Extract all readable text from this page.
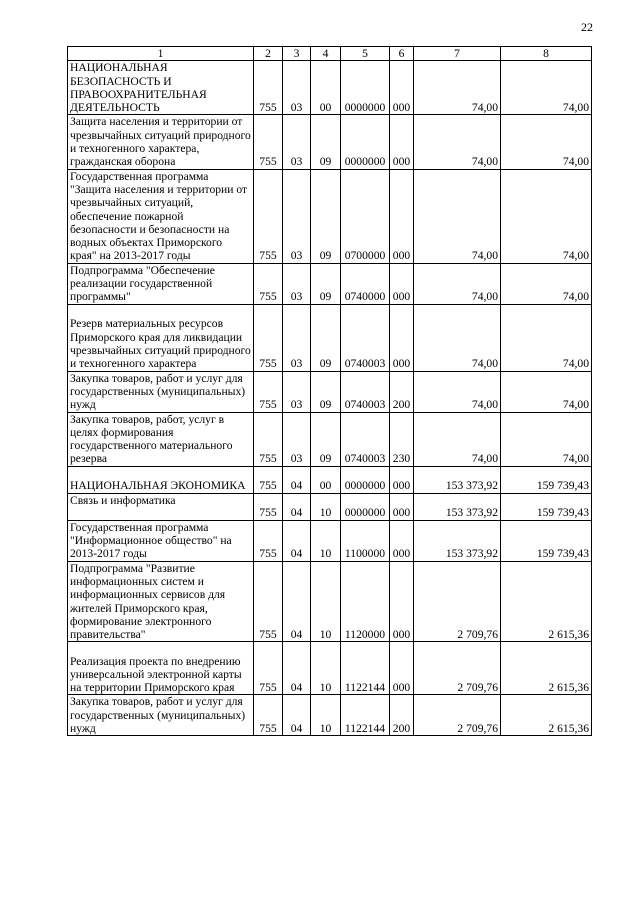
22
1	2	3	4	5	6	7	8
НАЦИОНАЛЬНАЯ БЕЗОПАСНОСТЬ И ПРАВООХРАНИТЕЛЬНАЯ ДЕЯТЕЛЬНОСТЬ	755	03	00	0000000	000	74,00	74,00
Защита населения и территории от чрезвычайных ситуаций природного и техногенного характера, гражданская оборона	755	03	09	0000000	000	74,00	74,00
Государственная программа "Защита населения и территории от чрезвычайных ситуаций, обеспечение пожарной безопасности и безопасности на водных объектах Приморского края" на 2013-2017 годы	755	03	09	0700000	000	74,00	74,00
Подпрограмма "Обеспечение реализации государственной программы"	755	03	09	0740000	000	74,00	74,00
Резерв материальных ресурсов Приморского края для ликвидации чрезвычайных ситуаций природного и техногенного характера	755	03	09	0740003	000	74,00	74,00
Закупка товаров, работ и услуг для государственных (муниципальных) нужд	755	03	09	0740003	200	74,00	74,00
Закупка товаров, работ, услуг в целях формирования государственного материального резерва	755	03	09	0740003	230	74,00	74,00
НАЦИОНАЛЬНАЯ ЭКОНОМИКА	755	04	00	0000000	000	153 373,92	159 739,43
Связь и информатика	755	04	10	0000000	000	153 373,92	159 739,43
Государственная программа "Информационное общество" на 2013-2017 годы	755	04	10	1100000	000	153 373,92	159 739,43
Подпрограмма "Развитие информационных систем и информационных сервисов для жителей Приморского края, формирование электронного правительства"	755	04	10	1120000	000	2 709,76	2 615,36
Реализация проекта по внедрению универсальной электронной карты на территории Приморского края	755	04	10	1122144	000	2 709,76	2 615,36
Закупка товаров, работ и услуг для государственных (муниципальных) нужд	755	04	10	1122144	200	2 709,76	2 615,36
